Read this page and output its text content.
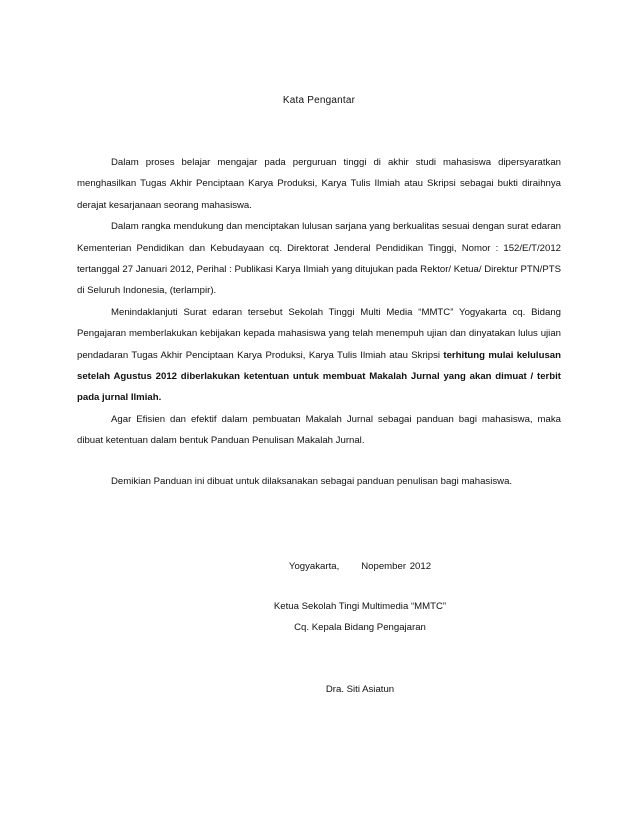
Kata Pengantar

Dalam proses belajar mengajar pada perguruan tinggi di akhir studi mahasiswa dipersyaratkan menghasilkan Tugas Akhir Penciptaan Karya Produksi, Karya Tulis Ilmiah atau Skripsi sebagai bukti diraihnya derajat kesarjanaan seorang mahasiswa.

Dalam rangka mendukung dan menciptakan lulusan sarjana yang berkualitas sesuai dengan surat edaran Kementerian Pendidikan dan Kebudayaan cq. Direktorat Jenderal Pendidikan Tinggi, Nomor : 152/E/T/2012 tertanggal 27 Januari 2012, Perihal : Publikasi Karya Ilmiah yang ditujukan pada Rektor/ Ketua/ Direktur PTN/PTS di Seluruh Indonesia, (terlampir).

Menindaklanjuti Surat edaran tersebut Sekolah Tinggi Multi Media “MMTC” Yogyakarta cq. Bidang Pengajaran memberlakukan kebijakan kepada mahasiswa yang telah menempuh ujian dan dinyatakan lulus ujian pendadaran Tugas Akhir Penciptaan Karya Produksi, Karya Tulis Ilmiah atau Skripsi terhitung mulai kelulusan setelah Agustus 2012 diberlakukan ketentuan untuk membuat Makalah Jurnal yang akan dimuat / terbit pada jurnal Ilmiah.

Agar Efisien dan efektif dalam pembuatan Makalah Jurnal sebagai panduan bagi mahasiswa, maka dibuat ketentuan dalam bentuk Panduan Penulisan Makalah Jurnal.

Demikian Panduan ini dibuat untuk dilaksanakan sebagai panduan penulisan bagi mahasiswa.
Yogyakarta, Nopember 2012
Ketua Sekolah Tingi Multimedia “MMTC”
Cq. Kepala Bidang Pengajaran
Dra. Siti Asiatun
